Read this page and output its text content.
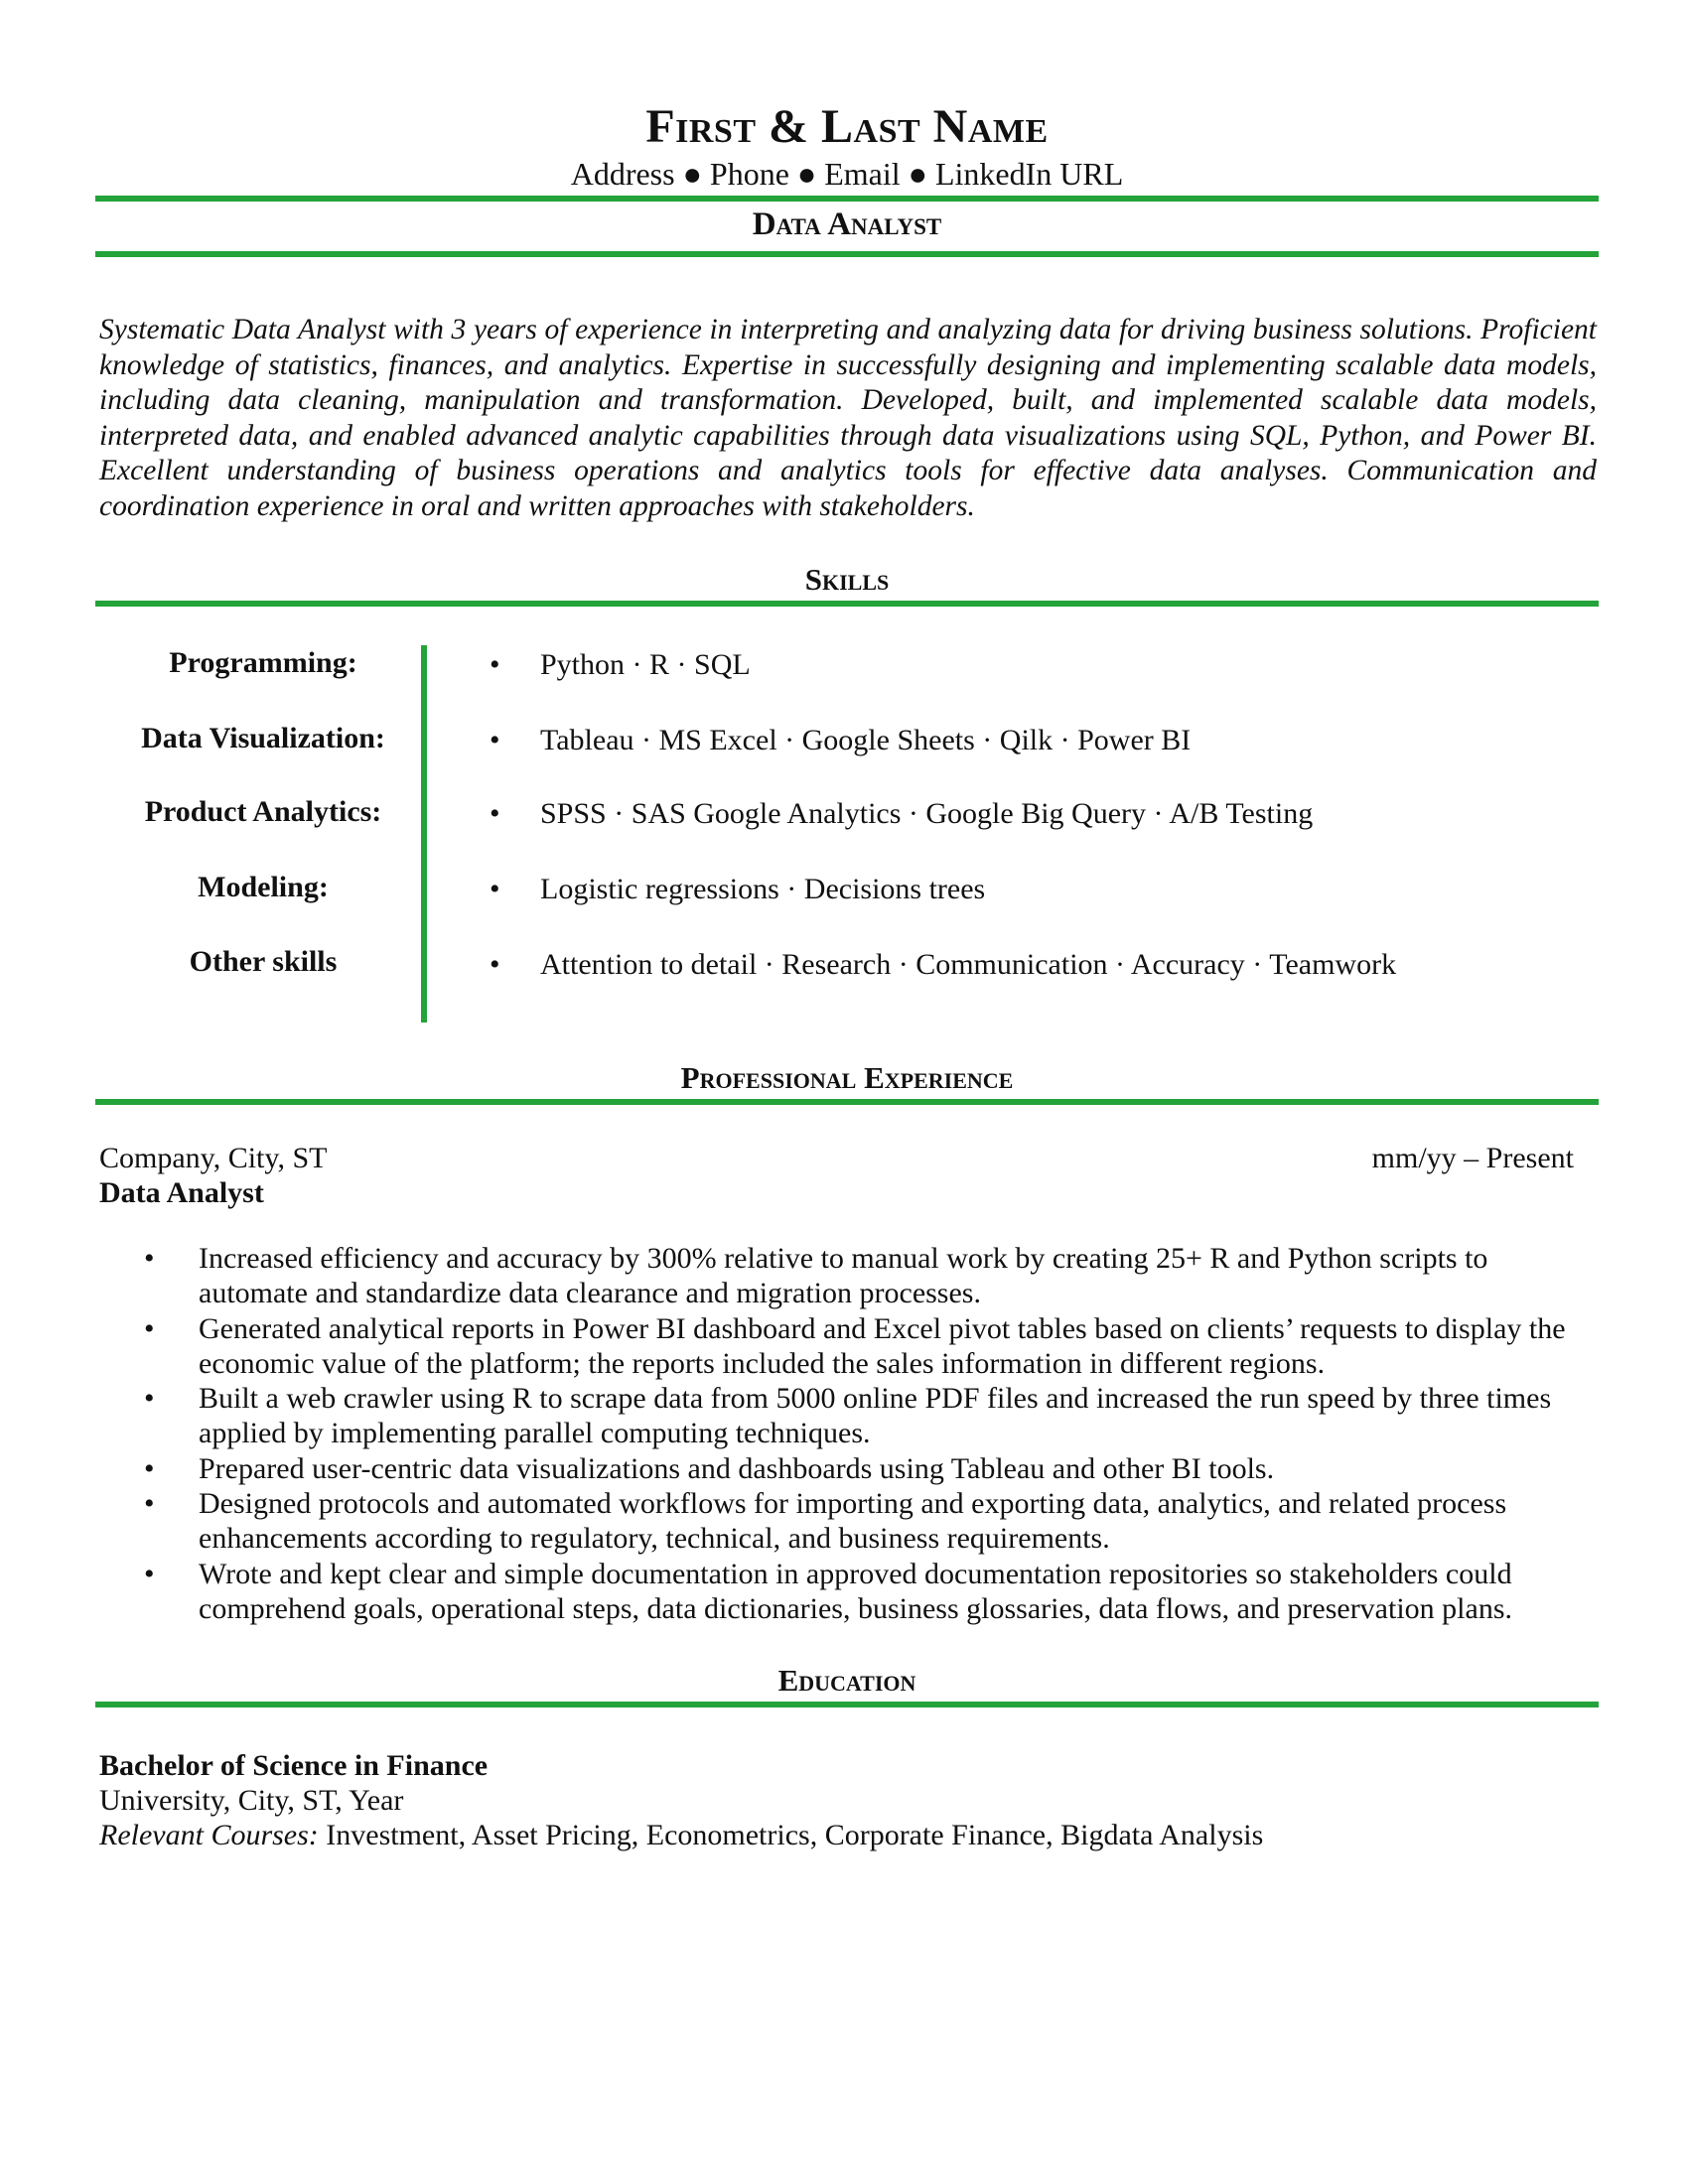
First & Last Name
Address ● Phone ● Email ● LinkedIn URL
Data Analyst
Systematic Data Analyst with 3 years of experience in interpreting and analyzing data for driving business solutions. Proficient knowledge of statistics, finances, and analytics. Expertise in successfully designing and implementing scalable data models, including data cleaning, manipulation and transformation. Developed, built, and implemented scalable data models, interpreted data, and enabled advanced analytic capabilities through data visualizations using SQL, Python, and Power BI. Excellent understanding of business operations and analytics tools for effective data analyses. Communication and coordination experience in oral and written approaches with stakeholders.
Skills
Programming:	• Python · R · SQL
Data Visualization:	• Tableau · MS Excel · Google Sheets · Qilk · Power BI
Product Analytics:	• SPSS · SAS Google Analytics · Google Big Query · A/B Testing
Modeling:	• Logistic regressions · Decisions trees
Other skills	• Attention to detail · Research · Communication · Accuracy · Teamwork
Professional Experience
Company, City, ST	mm/yy – Present
Data Analyst
• Increased efficiency and accuracy by 300% relative to manual work by creating 25+ R and Python scripts to automate and standardize data clearance and migration processes.
• Generated analytical reports in Power BI dashboard and Excel pivot tables based on clients’ requests to display the economic value of the platform; the reports included the sales information in different regions.
• Built a web crawler using R to scrape data from 5000 online PDF files and increased the run speed by three times applied by implementing parallel computing techniques.
• Prepared user-centric data visualizations and dashboards using Tableau and other BI tools.
• Designed protocols and automated workflows for importing and exporting data, analytics, and related process enhancements according to regulatory, technical, and business requirements.
• Wrote and kept clear and simple documentation in approved documentation repositories so stakeholders could comprehend goals, operational steps, data dictionaries, business glossaries, data flows, and preservation plans.
Education
Bachelor of Science in Finance
University, City, ST, Year
Relevant Courses: Investment, Asset Pricing, Econometrics, Corporate Finance, Bigdata Analysis
